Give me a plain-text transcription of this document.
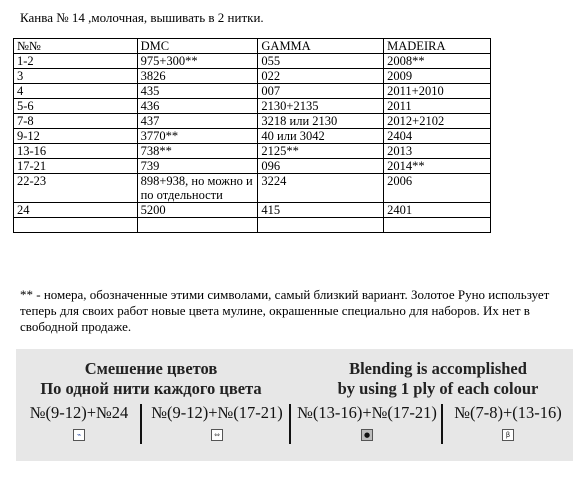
Канва № 14 ,молочная, вышивать в 2 нитки.
№№	DMC	GAMMA	MADEIRA
1-2	975+300**	055	2008**
3	3826	022	2009
4	435	007	2011+2010
5-6	436	2130+2135	2011
7-8	437	3218 или 2130	2012+2102
9-12	3770**	40 или 3042	2404
13-16	738**	2125**	2013
17-21	739	096	2014**
22-23	898+938, но можно и по отдельности	3224	2006
24	5200	415	2401

** - номера, обозначенные этими символами, самый близкий вариант. Золотое Руно использует теперь для своих работ новые цвета мулине, окрашенные специально для наборов. Их нет в свободной продаже.
Смешение цветов
По одной нити каждого цвета
Blending is accomplished
by using 1 ply of each colour
№(9-12)+№24
⌁
№(9-12)+№(17-21)
⇔
№(13-16)+№(17-21)
●
№(7-8)+(13-16)
β
